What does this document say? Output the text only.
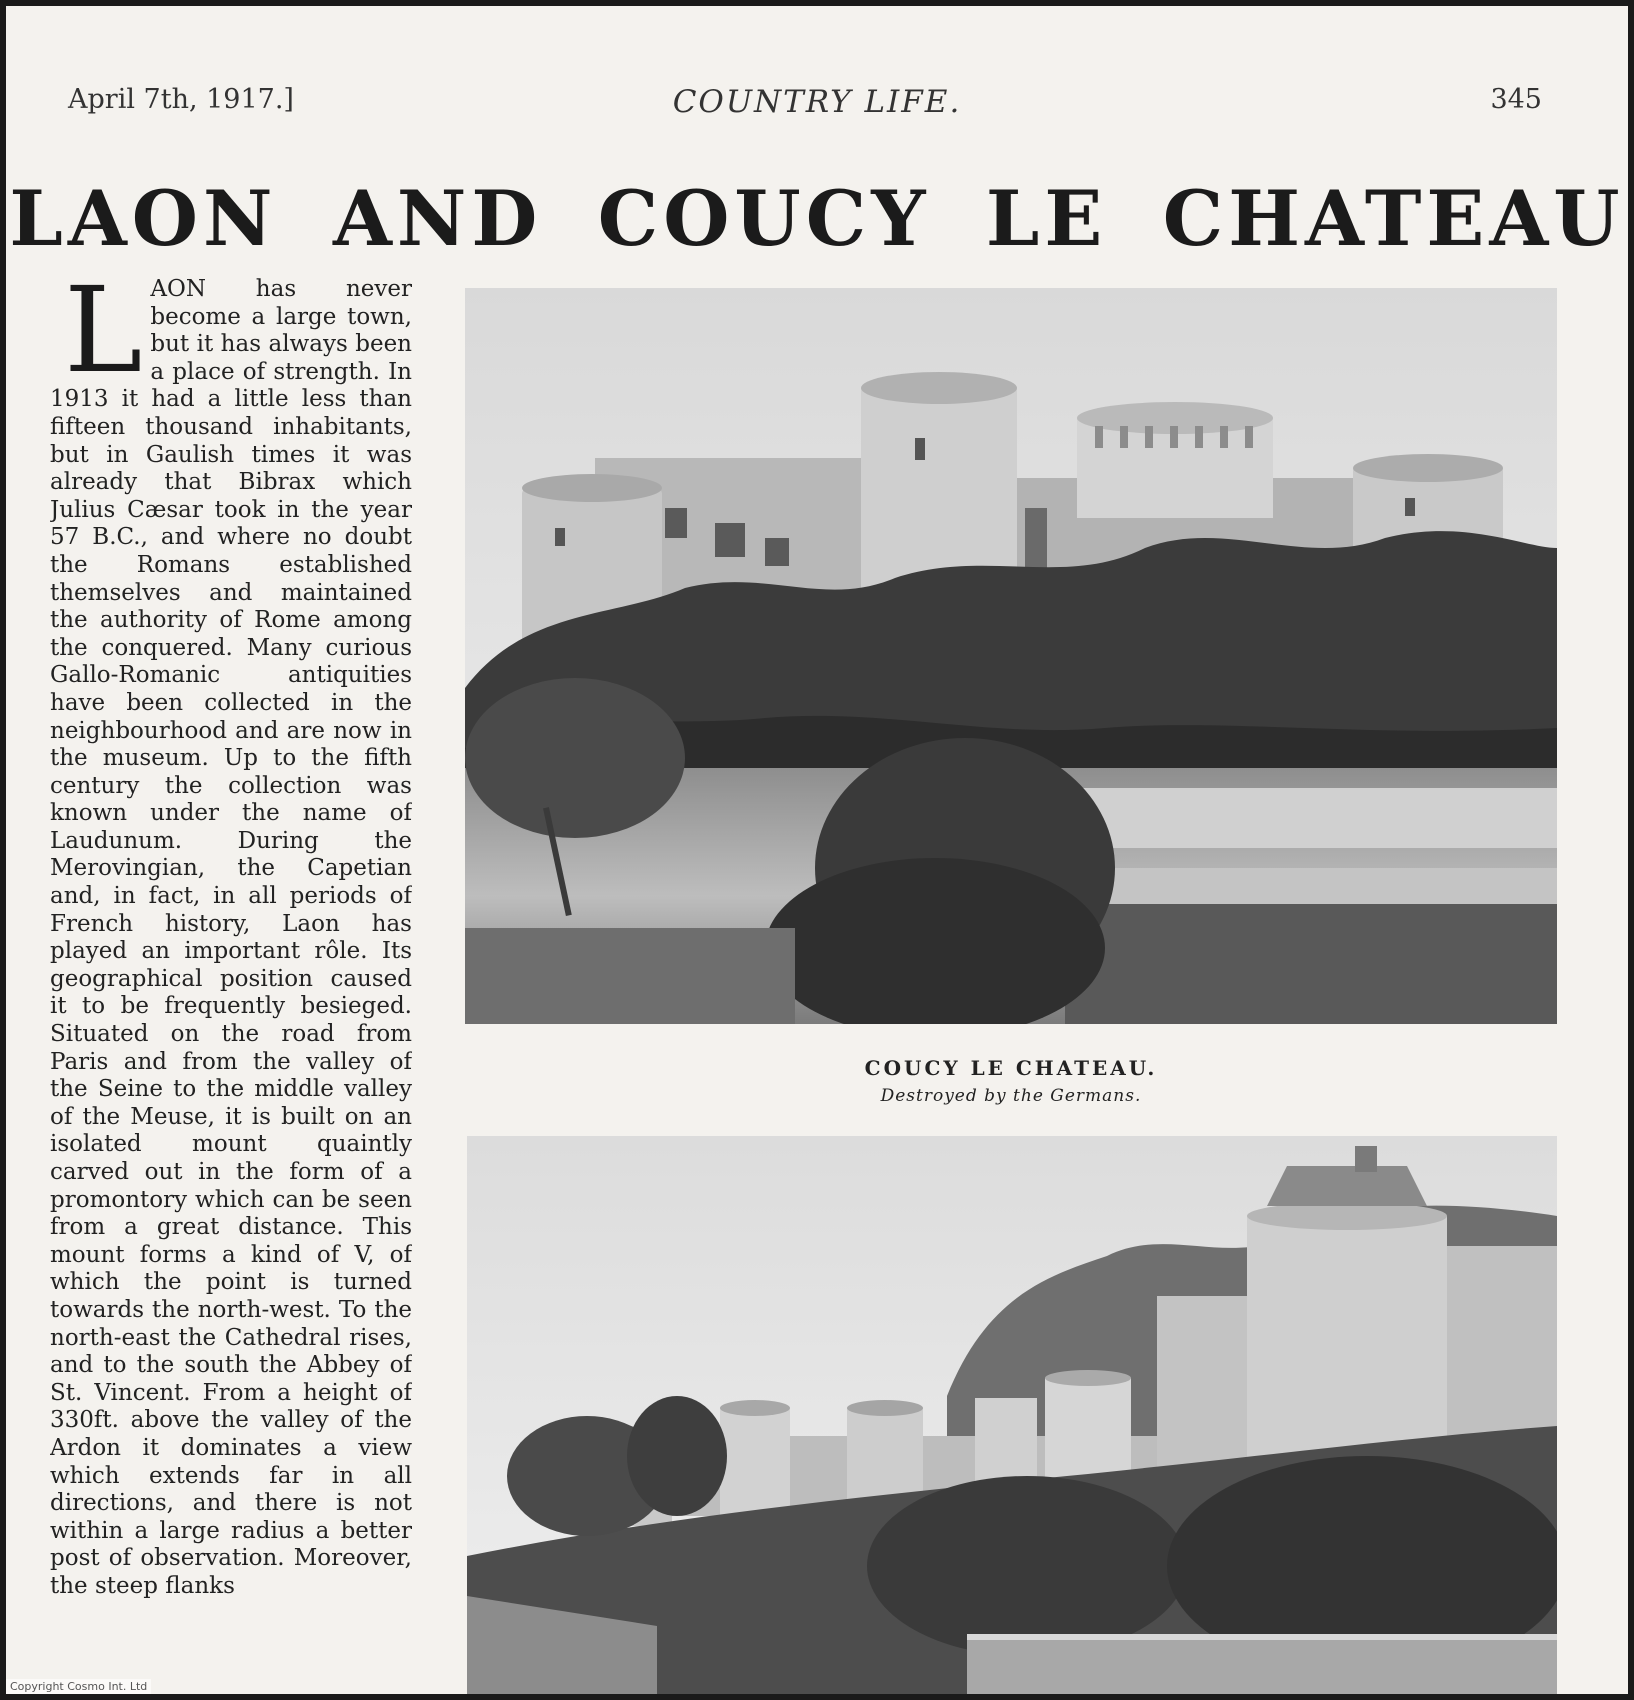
April 7th, 1917.]	COUNTRY LIFE.	345
LAON AND COUCY LE CHATEAU
LAON has never become a large town, but it has always been a place of strength. In 1913 it had a little less than fifteen thousand inhabitants, but in Gaulish times it was already that Bibrax which Julius Cæsar took in the year 57 B.C., and where no doubt the Romans established themselves and maintained the authority of Rome among the conquered. Many curious Gallo-Romanic antiquities have been collected in the neighbourhood and are now in the museum. Up to the fifth century the collection was known under the name of Laudunum. During the Merovingian, the Capetian and, in fact, in all periods of French history, Laon has played an important rôle. Its geographical position caused it to be frequently besieged. Situated on the road from Paris and from the valley of the Seine to the middle valley of the Meuse, it is built on an isolated mount quaintly carved out in the form of a promontory which can be seen from a great distance. This mount forms a kind of V, of which the point is turned towards the north-west. To the north-east the Cathedral rises, and to the south the Abbey of St. Vincent. From a height of 330ft. above the valley of the Ardon it dominates a view which extends far in all directions, and there is not within a large radius a better post of observation. Moreover, the steep flanks
COUCY LE CHATEAU.
Destroyed by the Germans.
Copyright Cosmo Int. Ltd
